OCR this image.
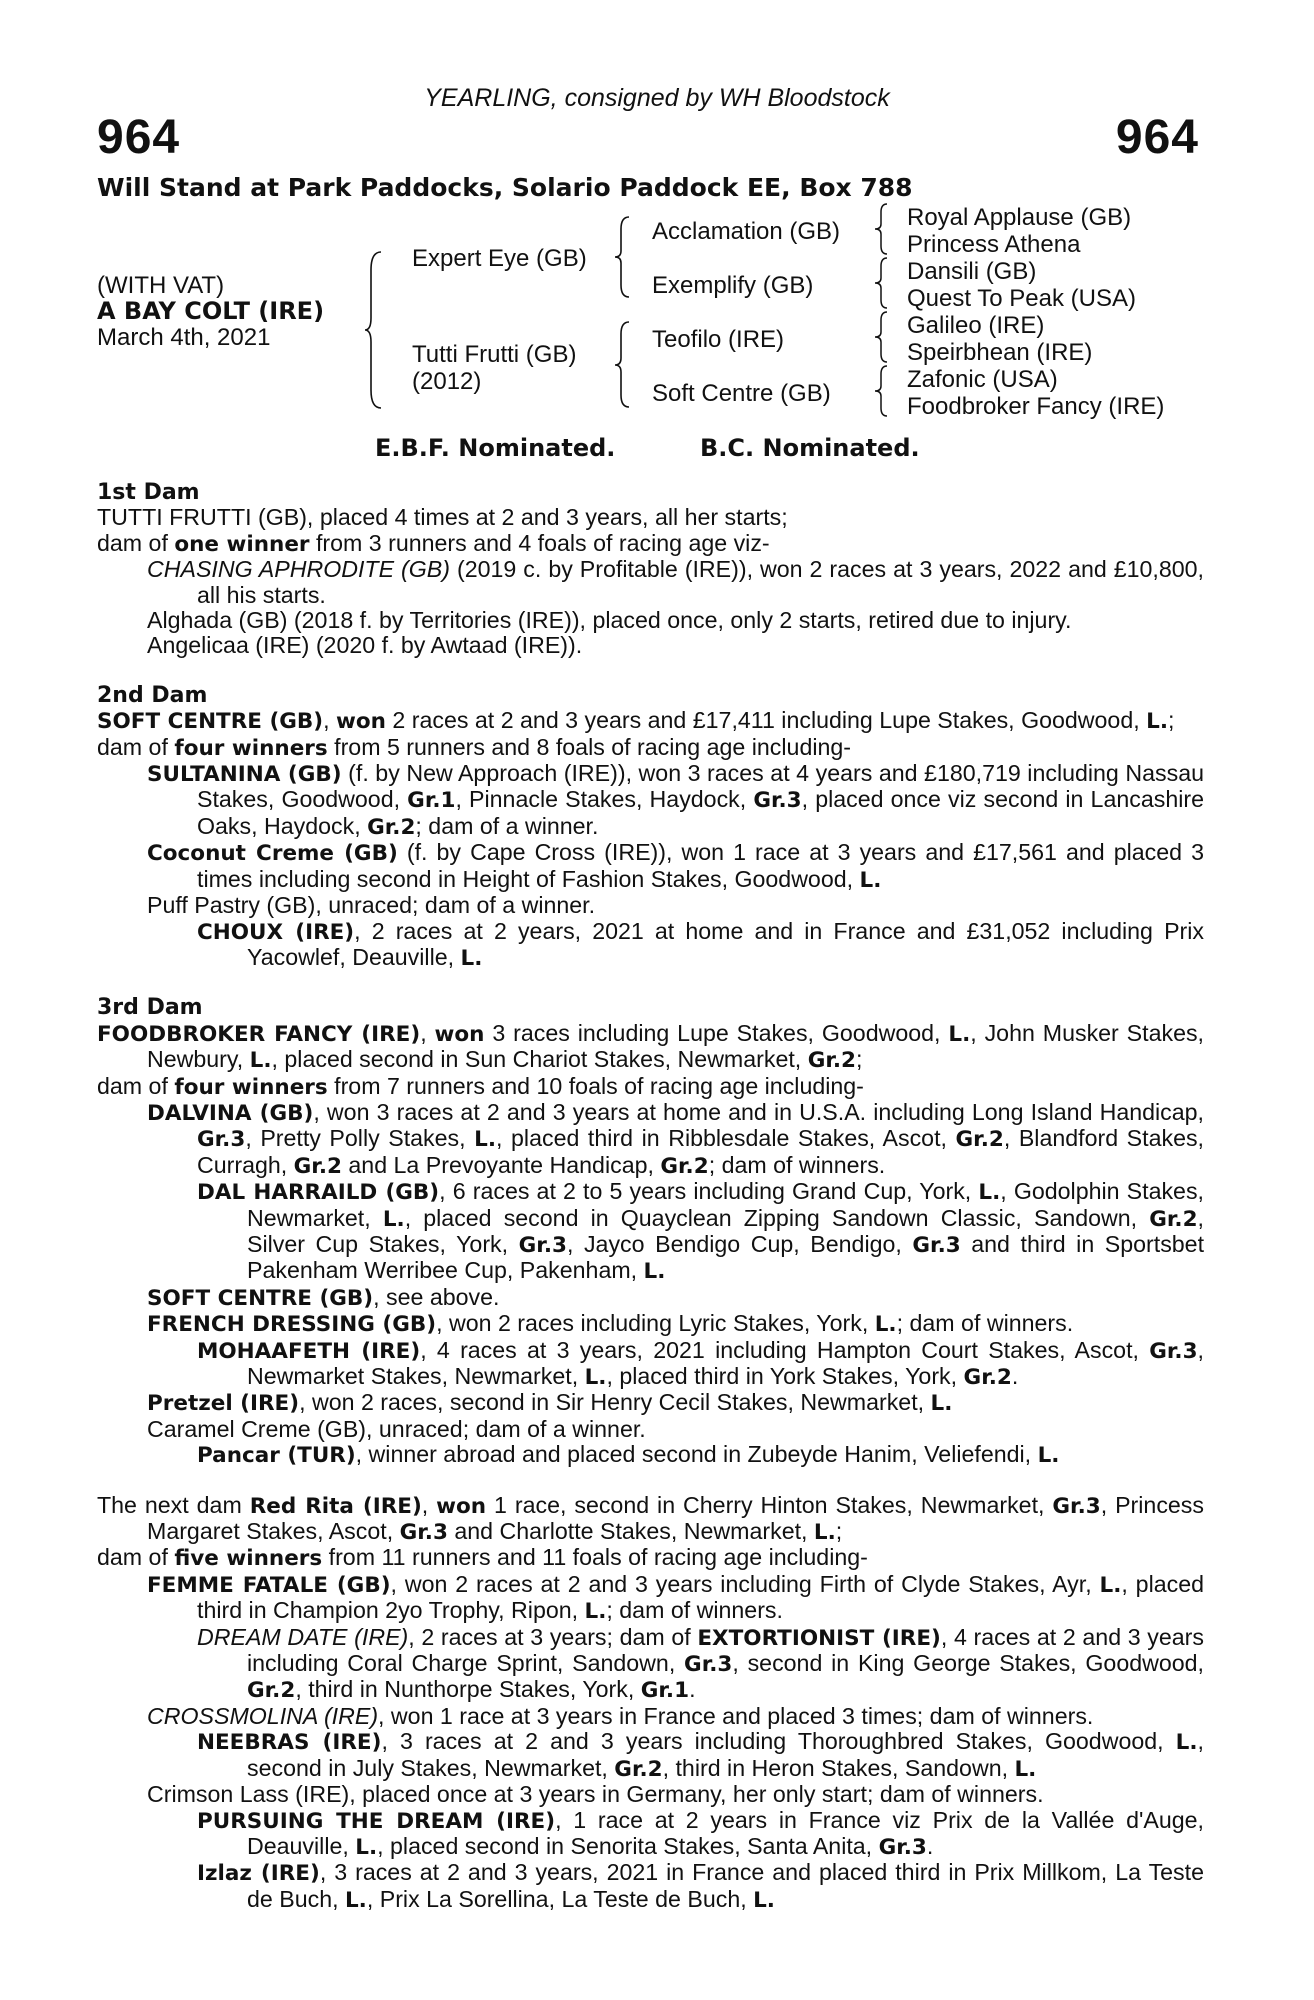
YEARLING, consigned by WH Bloodstock
964	964
Will Stand at Park Paddocks, Solario Paddock EE, Box 788
(WITH VAT)
A BAY COLT (IRE)
March 4th, 2021
Expert Eye (GB)
Tutti Frutti (GB)
(2012)
Acclamation (GB)
Exemplify (GB)
Teofilo (IRE)
Soft Centre (GB)
Royal Applause (GB)
Princess Athena
Dansili (GB)
Quest To Peak (USA)
Galileo (IRE)
Speirbhean (IRE)
Zafonic (USA)
Foodbroker Fancy (IRE)
E.B.F. Nominated.	B.C. Nominated.
1st Dam
TUTTI FRUTTI (GB), placed 4 times at 2 and 3 years, all her starts;
dam of one winner from 3 runners and 4 foals of racing age viz-
CHASING APHRODITE (GB) (2019 c. by Profitable (IRE)), won 2 races at 3 years, 2022 and £10,800, all his starts.
Alghada (GB) (2018 f. by Territories (IRE)), placed once, only 2 starts, retired due to injury.
Angelicaa (IRE) (2020 f. by Awtaad (IRE)).
2nd Dam
SOFT CENTRE (GB), won 2 races at 2 and 3 years and £17,411 including Lupe Stakes, Goodwood, L.;
dam of four winners from 5 runners and 8 foals of racing age including-
SULTANINA (GB) (f. by New Approach (IRE)), won 3 races at 4 years and £180,719 including Nassau Stakes, Goodwood, Gr.1, Pinnacle Stakes, Haydock, Gr.3, placed once viz second in Lancashire Oaks, Haydock, Gr.2; dam of a winner.
Coconut Creme (GB) (f. by Cape Cross (IRE)), won 1 race at 3 years and £17,561 and placed 3 times including second in Height of Fashion Stakes, Goodwood, L.
Puff Pastry (GB), unraced; dam of a winner.
CHOUX (IRE), 2 races at 2 years, 2021 at home and in France and £31,052 including Prix Yacowlef, Deauville, L.
3rd Dam
FOODBROKER FANCY (IRE), won 3 races including Lupe Stakes, Goodwood, L., John Musker Stakes, Newbury, L., placed second in Sun Chariot Stakes, Newmarket, Gr.2;
dam of four winners from 7 runners and 10 foals of racing age including-
DALVINA (GB), won 3 races at 2 and 3 years at home and in U.S.A. including Long Island Handicap, Gr.3, Pretty Polly Stakes, L., placed third in Ribblesdale Stakes, Ascot, Gr.2, Blandford Stakes, Curragh, Gr.2 and La Prevoyante Handicap, Gr.2; dam of winners.
DAL HARRAILD (GB), 6 races at 2 to 5 years including Grand Cup, York, L., Godolphin Stakes, Newmarket, L., placed second in Quayclean Zipping Sandown Classic, Sandown, Gr.2, Silver Cup Stakes, York, Gr.3, Jayco Bendigo Cup, Bendigo, Gr.3 and third in Sportsbet Pakenham Werribee Cup, Pakenham, L.
SOFT CENTRE (GB), see above.
FRENCH DRESSING (GB), won 2 races including Lyric Stakes, York, L.; dam of winners.
MOHAAFETH (IRE), 4 races at 3 years, 2021 including Hampton Court Stakes, Ascot, Gr.3, Newmarket Stakes, Newmarket, L., placed third in York Stakes, York, Gr.2.
Pretzel (IRE), won 2 races, second in Sir Henry Cecil Stakes, Newmarket, L.
Caramel Creme (GB), unraced; dam of a winner.
Pancar (TUR), winner abroad and placed second in Zubeyde Hanim, Veliefendi, L.
The next dam Red Rita (IRE), won 1 race, second in Cherry Hinton Stakes, Newmarket, Gr.3, Princess Margaret Stakes, Ascot, Gr.3 and Charlotte Stakes, Newmarket, L.;
dam of five winners from 11 runners and 11 foals of racing age including-
FEMME FATALE (GB), won 2 races at 2 and 3 years including Firth of Clyde Stakes, Ayr, L., placed third in Champion 2yo Trophy, Ripon, L.; dam of winners.
DREAM DATE (IRE), 2 races at 3 years; dam of EXTORTIONIST (IRE), 4 races at 2 and 3 years including Coral Charge Sprint, Sandown, Gr.3, second in King George Stakes, Goodwood, Gr.2, third in Nunthorpe Stakes, York, Gr.1.
CROSSMOLINA (IRE), won 1 race at 3 years in France and placed 3 times; dam of winners.
NEEBRAS (IRE), 3 races at 2 and 3 years including Thoroughbred Stakes, Goodwood, L., second in July Stakes, Newmarket, Gr.2, third in Heron Stakes, Sandown, L.
Crimson Lass (IRE), placed once at 3 years in Germany, her only start; dam of winners.
PURSUING THE DREAM (IRE), 1 race at 2 years in France viz Prix de la Vallée d'Auge, Deauville, L., placed second in Senorita Stakes, Santa Anita, Gr.3.
Izlaz (IRE), 3 races at 2 and 3 years, 2021 in France and placed third in Prix Millkom, La Teste de Buch, L., Prix La Sorellina, La Teste de Buch, L.
